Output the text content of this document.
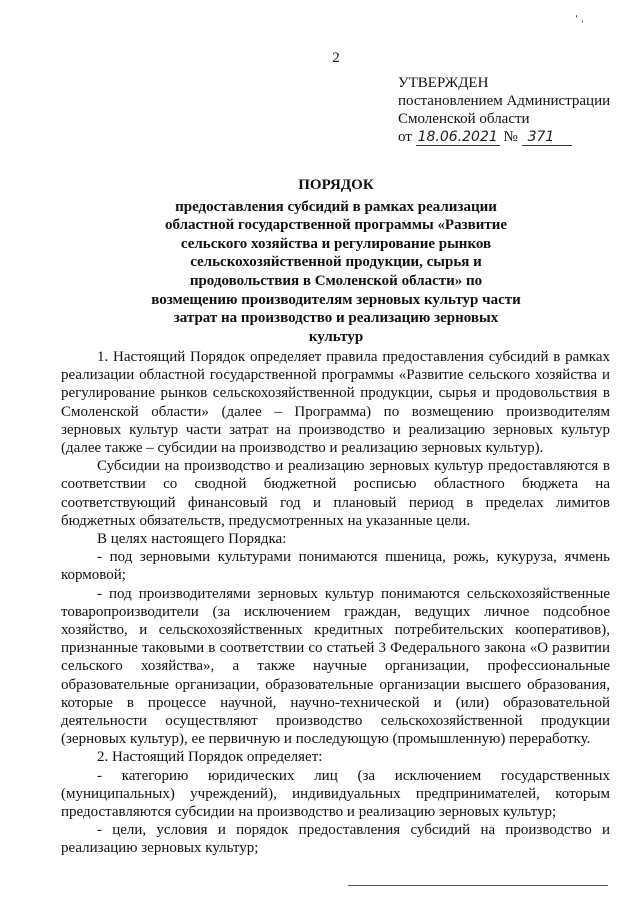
' ,
2
УТВЕРЖДЕН
постановлением Администрации
Смоленской области
от 18.06.2021 № 371
ПОРЯДОК
предоставления субсидий в рамках реализации областной государственной программы «Развитие сельского хозяйства и регулирование рынков сельскохозяйственной продукции, сырья и продовольствия в Смоленской области» по возмещению производителям зерновых культур части затрат на производство и реализацию зерновых культур

1. Настоящий Порядок определяет правила предоставления субсидий в рамках реализации областной государственной программы «Развитие сельского хозяйства и регулирование рынков сельскохозяйственной продукции, сырья и продовольствия в Смоленской области» (далее – Программа) по возмещению производителям зерновых культур части затрат на производство и реализацию зерновых культур (далее также – субсидии на производство и реализацию зерновых культур).

Субсидии на производство и реализацию зерновых культур предоставляются в соответствии со сводной бюджетной росписью областного бюджета на соответствующий финансовый год и плановый период в пределах лимитов бюджетных обязательств, предусмотренных на указанные цели.

В целях настоящего Порядка:

- под зерновыми культурами понимаются пшеница, рожь, кукуруза, ячмень кормовой;

- под производителями зерновых культур понимаются сельскохозяйственные товаропроизводители (за исключением граждан, ведущих личное подсобное хозяйство, и сельскохозяйственных кредитных потребительских кооперативов), признанные таковыми в соответствии со статьей 3 Федерального закона «О развитии сельского хозяйства», а также научные организации, профессиональные образовательные организации, образовательные организации высшего образования, которые в процессе научной, научно-технической и (или) образовательной деятельности осуществляют производство сельскохозяйственной продукции (зерновых культур), ее первичную и последующую (промышленную) переработку.

2. Настоящий Порядок определяет:

- категорию юридических лиц (за исключением государственных (муниципальных) учреждений), индивидуальных предпринимателей, которым предоставляются субсидии на производство и реализацию зерновых культур;

- цели, условия и порядок предоставления субсидий на производство и реализацию зерновых культур;
